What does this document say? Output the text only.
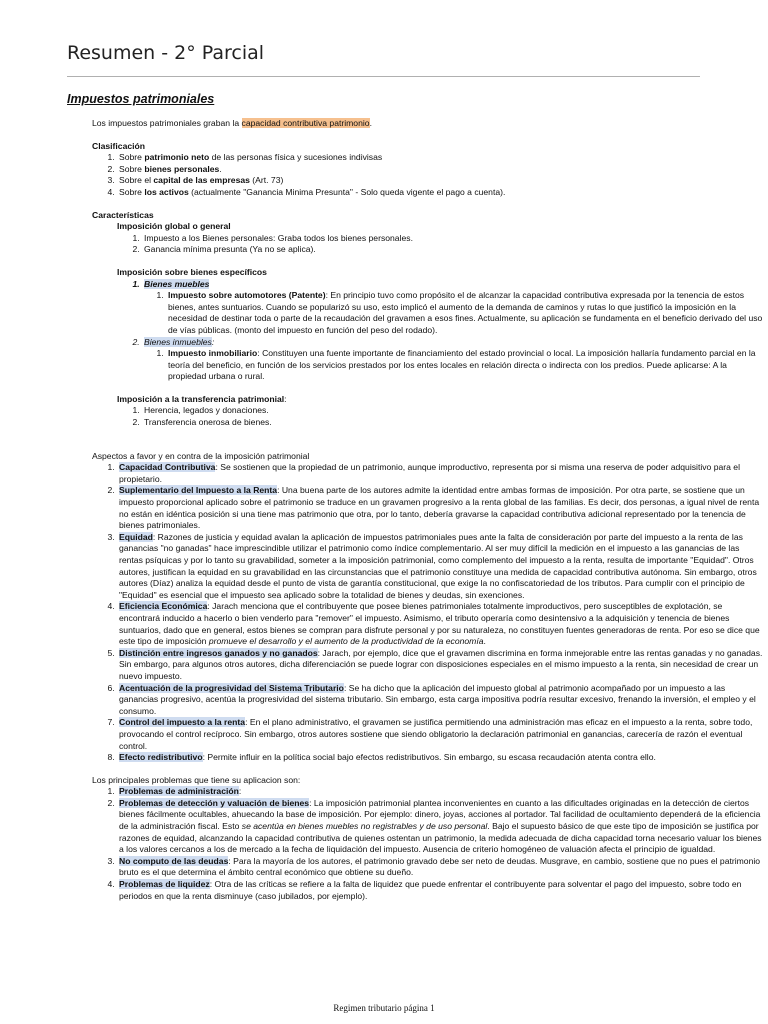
Resumen - 2° Parcial
Impuestos patrimoniales

Los impuestos patrimoniales graban la capacidad contributiva patrimonio.

Clasificación

1. Sobre patrimonio neto de las personas física y sucesiones indivisas
2. Sobre bienes personales.
3. Sobre el capital de las empresas (Art. 73)
4. Sobre los activos (actualmente "Ganancia Minima Presunta" - Solo queda vigente el pago a cuenta).

Características

Imposición global o general

1. Impuesto a los Bienes personales: Graba todos los bienes personales.
2. Ganancia mínima presunta (Ya no se aplica).

Imposición sobre bienes específicos

1. Bienes muebles
1. Impuesto sobre automotores (Patente): En principio tuvo como propósito el de alcanzar la capacidad contributiva expresada por la tenencia de estos bienes, antes suntuarios. Cuando se popularizó su uso, esto implicó el aumento de la demanda de caminos y rutas lo que justificó la imposición en la necesidad de destinar toda o parte de la recaudación del gravamen a esos fines. Actualmente, su aplicación se fundamenta en el beneficio derivado del uso de vías públicas. (monto del impuesto en función del peso del rodado).
2. Bienes inmuebles:
1. Impuesto inmobiliario: Constituyen una fuente importante de financiamiento del estado provincial o local. La imposición hallaría fundamento parcial en la teoría del beneficio, en función de los servicios prestados por los entes locales en relación directa o indirecta con los predios. Puede aplicarse: A la propiedad urbana o rural.

Imposición a la transferencia patrimonial:

1. Herencia, legados y donaciones.
2. Transferencia onerosa de bienes.

Aspectos a favor y en contra de la imposición patrimonial

1. Capacidad Contributiva: Se sostienen que la propiedad de un patrimonio, aunque improductivo, representa por si misma una reserva de poder adquisitivo para el propietario.
2. Suplementario del Impuesto a la Renta: Una buena parte de los autores admite la identidad entre ambas formas de imposición. Por otra parte, se sostiene que un impuesto proporcional aplicado sobre el patrimonio se traduce en un gravamen progresivo a la renta global de las familias. Es decir, dos personas, a igual nivel de renta no están en idéntica posición si una tiene mas patrimonio que otra, por lo tanto, debería gravarse la capacidad contributiva adicional representado por la tenencia de bienes patrimoniales.
3. Equidad: Razones de justicia y equidad avalan la aplicación de impuestos patrimoniales pues ante la falta de consideración por parte del impuesto a la renta de las ganancias "no ganadas" hace imprescindible utilizar el patrimonio como índice complementario. Al ser muy difícil la medición en el impuesto a las ganancias de las rentas psíquicas y por lo tanto su gravabilidad, someter a la imposición patrimonial, como complemento del impuesto a la renta, resulta de importante "Equidad". Otros autores, justifican la equidad en su gravabilidad en las circunstancias que el patrimonio constituye una medida de capacidad contributiva autónoma. Sin embargo, otros autores (Díaz) analiza la equidad desde el punto de vista de garantía constitucional, que exige la no confiscatoriedad de los tributos. Para cumplir con el principio de "Equidad" es esencial que el impuesto sea aplicado sobre la totalidad de bienes y deudas, sin exenciones.
4. Eficiencia Económica: Jarach menciona que el contribuyente que posee bienes patrimoniales totalmente improductivos, pero susceptibles de explotación, se encontrará inducido a hacerlo o bien venderlo para "remover" el impuesto. Asimismo, el tributo operaría como desintensivo a la adquisición y tenencia de bienes suntuarios, dado que en general, estos bienes se compran para disfrute personal y por su naturaleza, no constituyen fuentes generadoras de renta. Por eso se dice que este tipo de imposición promueve el desarrollo y el aumento de la productividad de la economía.
5. Distinción entre ingresos ganados y no ganados: Jarach, por ejemplo, dice que el gravamen discrimina en forma inmejorable entre las rentas ganadas y no ganadas. Sin embargo, para algunos otros autores, dicha diferenciación se puede lograr con disposiciones especiales en el mismo impuesto a la renta, sin necesidad de crear un nuevo impuesto.
6. Acentuación de la progresividad del Sistema Tributario: Se ha dicho que la aplicación del impuesto global al patrimonio acompañado por un impuesto a las ganancias progresivo, acentúa la progresividad del sistema tributario. Sin embargo, esta carga impositiva podría resultar excesivo, frenando la inversión, el empleo y el consumo.
7. Control del impuesto a la renta: En el plano administrativo, el gravamen se justifica permitiendo una administración mas eficaz en el impuesto a la renta, sobre todo, provocando el control recíproco. Sin embargo, otros autores sostiene que siendo obligatorio la declaración patrimonial en ganancias, carecería de razón el eventual control.
8. Efecto redistributivo: Permite influir en la política social bajo efectos redistributivos. Sin embargo, su escasa recaudación atenta contra ello.

Los principales problemas que tiene su aplicacion son:

1. Problemas de administración:
2. Problemas de detección y valuación de bienes: La imposición patrimonial plantea inconvenientes en cuanto a las dificultades originadas en la detección de ciertos bienes fácilmente ocultables, ahuecando la base de imposición. Por ejemplo: dinero, joyas, acciones al portador. Tal facilidad de ocultamiento dependerá de la eficiencia de la administración fiscal. Esto se acentúa en bienes muebles no registrables y de uso personal. Bajo el supuesto básico de que este tipo de imposición se justifica por razones de equidad, alcanzando la capacidad contributiva de quienes ostentan un patrimonio, la medida adecuada de dicha capacidad torna necesario valuar los bienes a los valores cercanos a los de mercado a la fecha de liquidación del impuesto. Ausencia de criterio homogéneo de valuación afecta el principio de igualdad.
3. No computo de las deudas: Para la mayoría de los autores, el patrimonio gravado debe ser neto de deudas. Musgrave, en cambio, sostiene que no pues el patrimonio bruto es el que determina el ámbito central económico que obtiene su dueño.
4. Problemas de liquidez: Otra de las críticas se refiere a la falta de liquidez que puede enfrentar el contribuyente para solventar el pago del impuesto, sobre todo en periodos en que la renta disminuye (caso jubilados, por ejemplo).
Regimen tributario página 1
